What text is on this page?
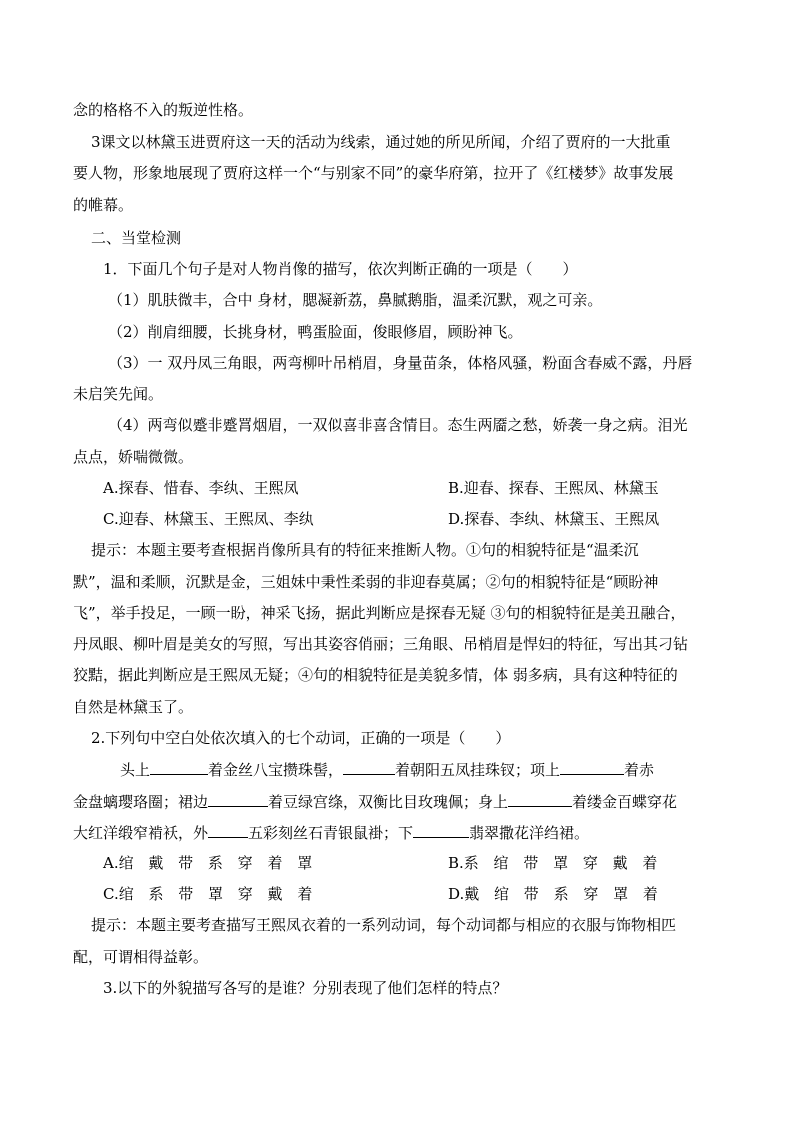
念的格格不入的叛逆性格。
3课文以林黛玉进贾府这一天的活动为线索，通过她的所见所闻，介绍了贾府的一大批重
要人物，形象地展现了贾府这样一个“与别家不同”的豪华府第，拉开了《红楼梦》故事发展
的帷幕。
二、当堂检测
1．下面几个句子是对人物肖像的描写，依次判断正确的一项是（　　）
（1）肌肤微丰，合中 身材，腮凝新荔，鼻腻鹅脂，温柔沉默，观之可亲。
（2）削肩细腰，长挑身材，鸭蛋脸面，俊眼修眉，顾盼神飞。
（3）一 双丹凤三角眼，两弯柳叶吊梢眉，身量苗条，体格风骚，粉面含春威不露，丹唇
未启笑先闻。
（4）两弯似蹙非蹙罥烟眉，一双似喜非喜含情目。态生两靥之愁，娇袭一身之病。泪光
点点，娇喘微微。
A.探春、惜春、李纨、王熙凤	B.迎春、探春、王熙凤、林黛玉
C.迎春、林黛玉、王熙凤、李纨	D.探春、李纨、林黛玉、王熙凤
提示：本题主要考查根据肖像所具有的特征来推断人物。①句的相貌特征是“温柔沉
默”，温和柔顺，沉默是金，三姐妹中秉性柔弱的非迎春莫属；②句的相貌特征是“顾盼神
飞”，举手投足，一顾一盼，神采飞扬，据此判断应是探春无疑 ③句的相貌特征是美丑融合，
丹凤眼、柳叶眉是美女的写照，写出其姿容俏丽；三角眼、吊梢眉是悍妇的特征，写出其刁钻
狡黠，据此判断应是王熙凤无疑；④句的相貌特征是美貌多情，体 弱多病，具有这种特征的
自然是林黛玉了。
2.下列句中空白处依次填入的七个动词，正确的一项是（　　）
头上	着金丝八宝攒珠髻，	着朝阳五凤挂珠钗；项上	着赤
金盘螭璎珞圈；裙边	着豆绿宫绦，双衡比目玫瑰佩；身上	着缕金百蝶穿花
大红洋缎窄褃袄，外	五彩刻丝石青银鼠褂；下	翡翠撒花洋绉裙。
A.绾 戴 带 系 穿 着 罩	B.系 绾 带 罩 穿 戴 着
C.绾 系 带 罩 穿 戴 着	D.戴 绾 带 系 穿 罩 着
提示：本题主要考查描写王熙凤衣着的一系列动词，每个动词都与相应的衣服与饰物相匹
配，可谓相得益彰。
3.以下的外貌描写各写的是谁？分别表现了他们怎样的特点？
